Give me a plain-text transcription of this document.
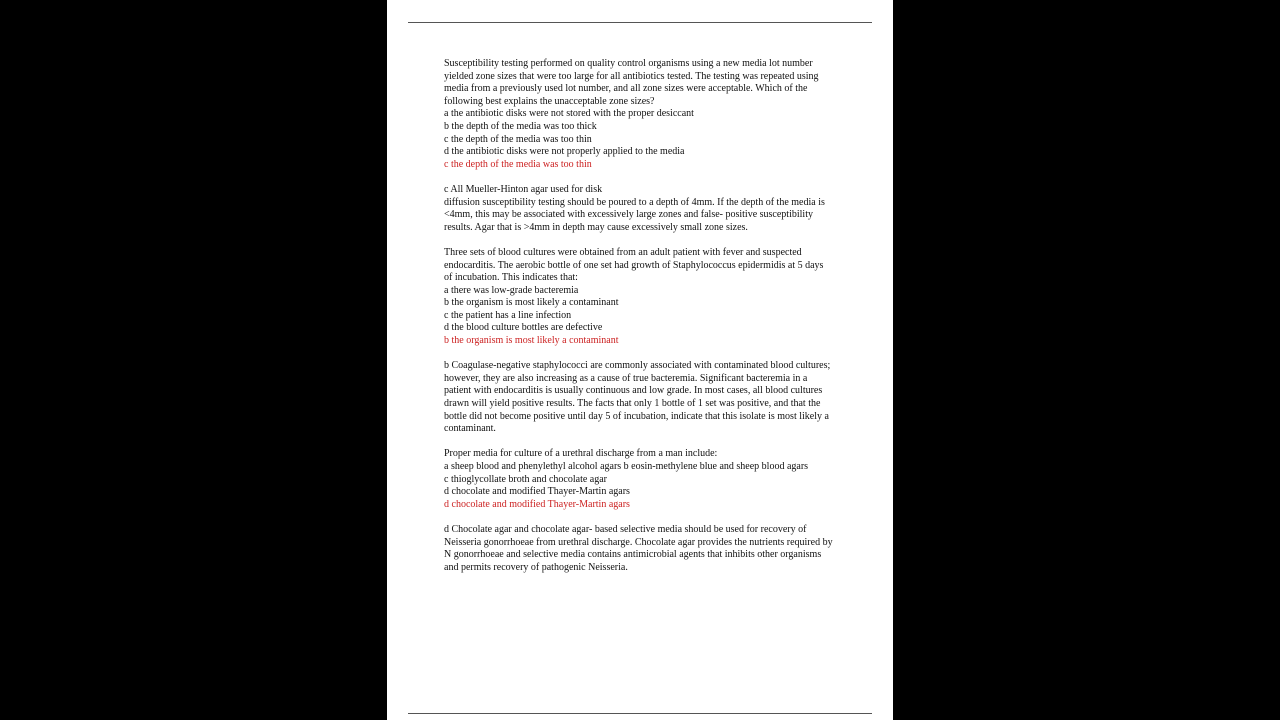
Susceptibility testing performed on quality control organisms using a new media lot number
yielded zone sizes that were too large for all antibiotics tested. The testing was repeated using
media from a previously used lot number, and all zone sizes were acceptable. Which of the
following best explains the unacceptable zone sizes?
a the antibiotic disks were not stored with the proper desiccant
b the depth of the media was too thick
c the depth of the media was too thin
d the antibiotic disks were not properly applied to the media
c the depth of the media was too thin
c All Mueller-Hinton agar used for disk
diffusion susceptibility testing should be poured to a depth of 4mm. If the depth of the media is
<4mm, this may be associated with excessively large zones and false- positive susceptibility
results. Agar that is >4mm in depth may cause excessively small zone sizes.
Three sets of blood cultures were obtained from an adult patient with fever and suspected
endocarditis. The aerobic bottle of one set had growth of Staphylococcus epidermidis at 5 days
of incubation. This indicates that:
a there was low-grade bacteremia
b the organism is most likely a contaminant
c the patient has a line infection
d the blood culture bottles are defective
b the organism is most likely a contaminant
b Coagulase-negative staphylococci are commonly associated with contaminated blood cultures;
however, they are also increasing as a cause of true bacteremia. Significant bacteremia in a
patient with endocarditis is usually continuous and low grade. In most cases, all blood cultures
drawn will yield positive results. The facts that only 1 bottle of 1 set was positive, and that the
bottle did not become positive until day 5 of incubation, indicate that this isolate is most likely a
contaminant.
Proper media for culture of a urethral discharge from a man include:
a sheep blood and phenylethyl alcohol agars b eosin-methylene blue and sheep blood agars
c thioglycollate broth and chocolate agar
d chocolate and modified Thayer-Martin agars
d chocolate and modified Thayer-Martin agars
d Chocolate agar and chocolate agar- based selective media should be used for recovery of
Neisseria gonorrhoeae from urethral discharge. Chocolate agar provides the nutrients required by
N gonorrhoeae and selective media contains antimicrobial agents that inhibits other organisms
and permits recovery of pathogenic Neisseria.
